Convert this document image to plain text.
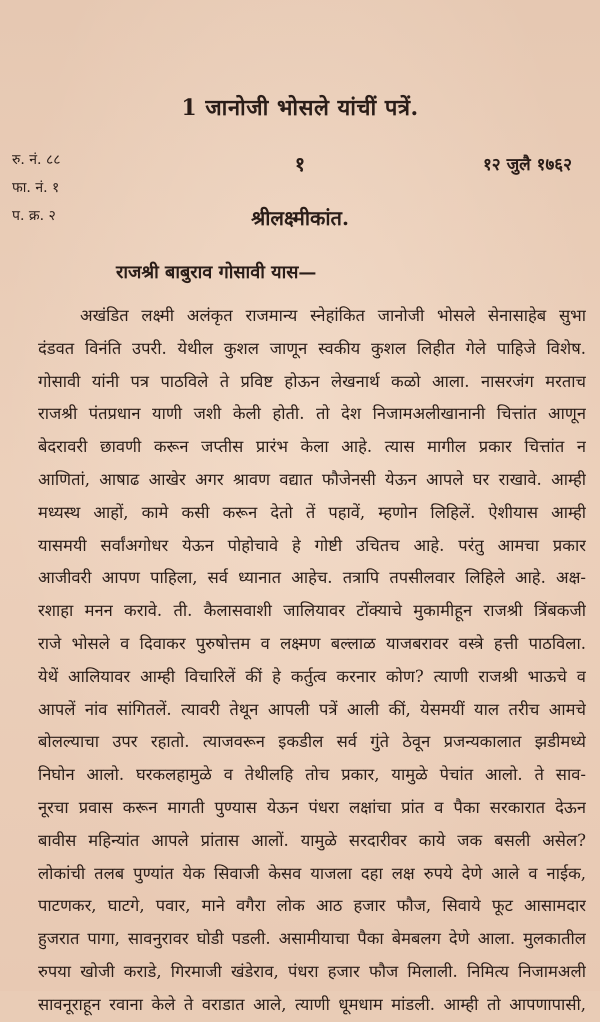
1 जानोजी भोसले यांचीं पत्रें.
रु. नं. ८८
फा. नं. १
प. क्र. २
१	१२ जुलै १७६२
श्रीलक्ष्मीकांत.
राजश्री बाबुराव गोसावी यास—
अखंडित लक्ष्मी अलंकृत राजमान्य स्नेहांकित जानोजी भोसले सेनासाहेब सुभा
दंडवत विनंति उपरी. येथील कुशल जाणून स्वकीय कुशल लिहीत गेले पाहिजे विशेष.
गोसावी यांनी पत्र पाठविले ते प्रविष्ट होऊन लेखनार्थ कळो आला. नासरजंग मरताच
राजश्री पंतप्रधान याणी जशी केली होती. तो देश निजामअलीखानानी चित्तांत आणून
बेदरावरी छावणी करून जप्तीस प्रारंभ केला आहे. त्यास मागील प्रकार चित्तांत न
आणितां, आषाढ आखेर अगर श्रावण वद्यात फौजेनसी येऊन आपले घर राखावे. आम्ही
मध्यस्थ आहों, कामे कसी करून देतो तें पहावें, म्हणोन लिहिलें. ऐशीयास आम्ही
यासमयी सर्वांअगोधर येऊन पोहोचावे हे गोष्टी उचितच आहे. परंतु आमचा प्रकार
आजीवरी आपण पाहिला, सर्व ध्यानात आहेच. तत्रापि तपसीलवार लिहिले आहे. अक्ष-
रशाहा मनन करावे. ती. कैलासवाशी जालियावर टोंक्याचे मुकामीहून राजश्री त्रिंबकजी
राजे भोसले व दिवाकर पुरुषोत्तम व लक्ष्मण बल्लाळ याजबरावर वस्त्रे हत्ती पाठविला.
येथें आलियावर आम्ही विचारिलें कीं हे कर्तुत्व करनार कोण? त्याणी राजश्री भाऊचे व
आपलें नांव सांगितलें. त्यावरी तेथून आपली पत्रें आली कीं, येसमयीं याल तरीच आमचे
बोलल्याचा उपर रहातो. त्याजवरून इकडील सर्व गुंते ठेवून प्रजन्यकालात झडीमध्ये
निघोन आलो. घरकलहामुळे व तेथीलहि तोच प्रकार, यामुळे पेचांत आलो. ते साव-
नूरचा प्रवास करून मागती पुण्यास येऊन पंधरा लक्षांचा प्रांत व पैका सरकारात देऊन
बावीस महिन्यांत आपले प्रांतास आलों. यामुळे सरदारीवर काये जक बसली असेल?
लोकांची तलब पुण्यांत येक सिवाजी केसव याजला दहा लक्ष रुपये देणे आले व नाईक,
पाटणकर, घाटगे, पवार, माने वगैरा लोक आठ हजार फौज, सिवाये फूट आसामदार
हुजरात पागा, सावनुरावर घोडी पडली. असामीयाचा पैका बेमबलग देणे आला. मुलकातील
रुपया खोजी कराडे, गिरमाजी खंडेराव, पंधरा हजार फौज मिलाली. निमित्य निजामअली
सावनूराहून रवाना केले ते वराडात आले, त्याणी धूमधाम मांडली. आम्ही तो आपणापासी,
